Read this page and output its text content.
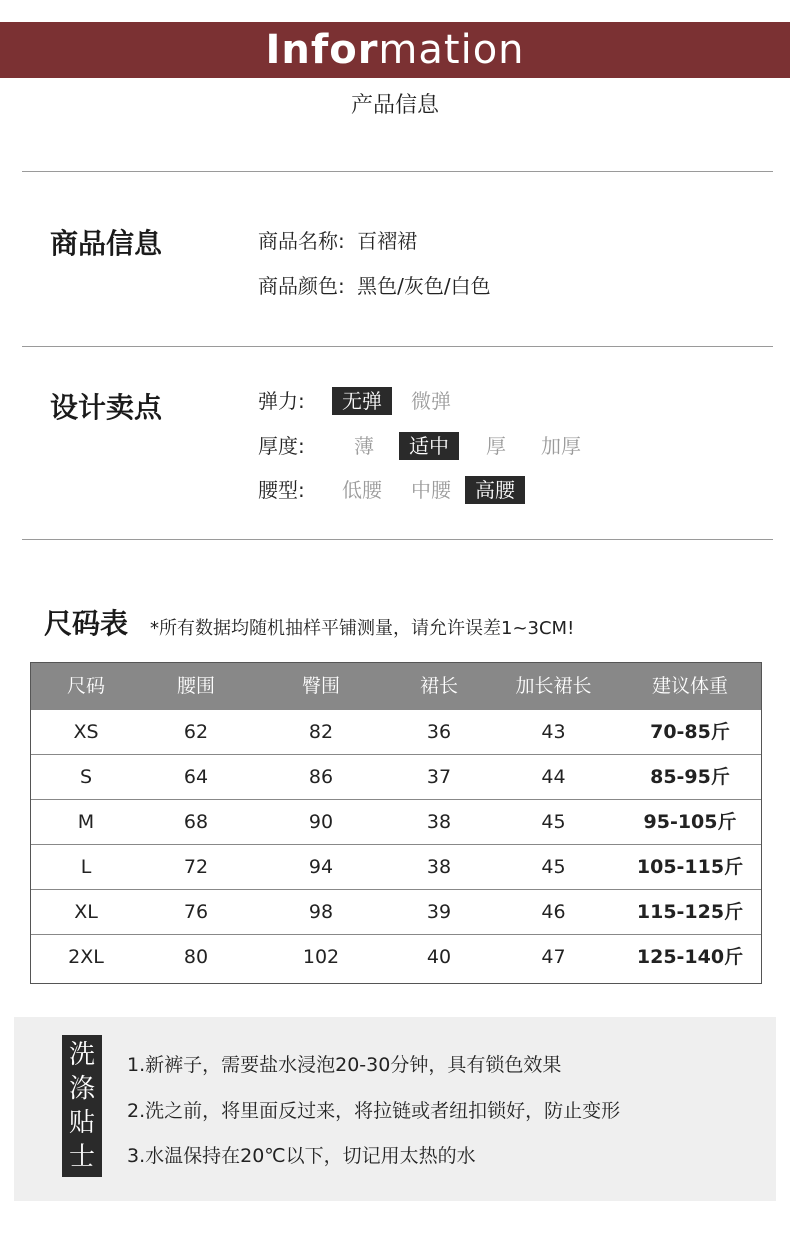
Information
产品信息
商品信息	商品名称: 百褶裙
商品颜色: 黑色/灰色/白色
设计卖点	弹力:	无弹	微弹
厚度:	薄	适中	厚	加厚
腰型:	低腰	中腰	高腰
尺码表 *所有数据均随机抽样平铺测量，请允许误差1~3CM!
尺码	腰围	臀围	裙长	加长裙长	建议体重
XS	62	82	36	43	70-85斤
S	64	86	37	44	85-95斤
M	68	90	38	45	95-105斤
L	72	94	38	45	105-115斤
XL	76	98	39	46	115-125斤
2XL	80	102	40	47	125-140斤
洗
涤
贴
士
1.新裤子，需要盐水浸泡20-30分钟，具有锁色效果
2.洗之前，将里面反过来，将拉链或者纽扣锁好，防止变形
3.水温保持在20℃以下，切记用太热的水
